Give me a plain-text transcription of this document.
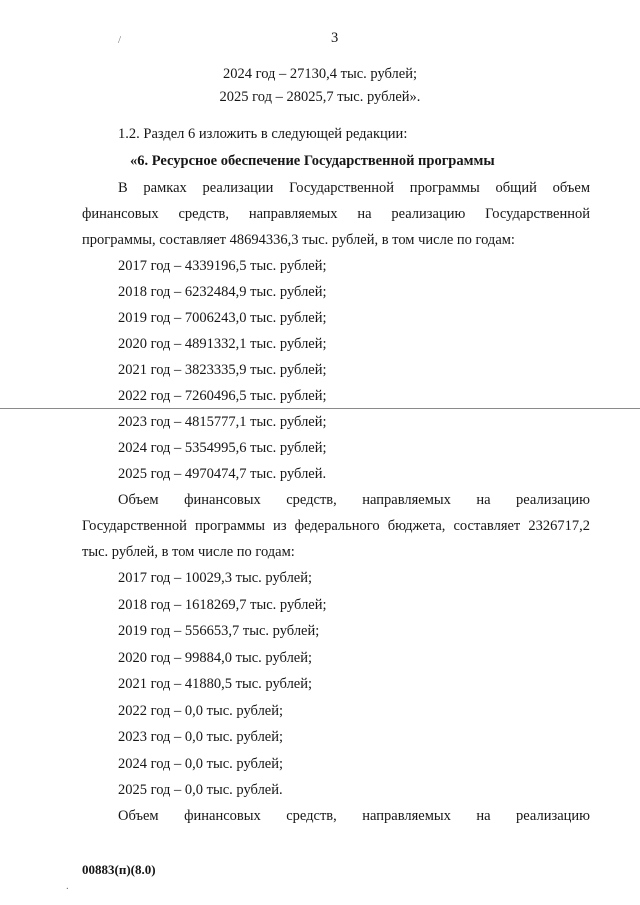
/	3
2024 год – 27130,4 тыс. рублей;
2025 год – 28025,7 тыс. рублей».
1.2. Раздел 6 изложить в следующей редакции:
«6. Ресурсное обеспечение Государственной программы
В рамках реализации Государственной программы общий объем
финансовых средств, направляемых на реализацию Государственной
программы, составляет 48694336,3 тыс. рублей, в том числе по годам:
2017 год – 4339196,5 тыс. рублей;
2018 год – 6232484,9 тыс. рублей;
2019 год – 7006243,0 тыс. рублей;
2020 год – 4891332,1 тыс. рублей;
2021 год – 3823335,9 тыс. рублей;
2022 год – 7260496,5 тыс. рублей;
2023 год – 4815777,1 тыс. рублей;
2024 год – 5354995,6 тыс. рублей;
2025 год – 4970474,7 тыс. рублей.
Объем финансовых средств, направляемых на реализацию
Государственной программы из федерального бюджета, составляет 2326717,2
тыс. рублей, в том числе по годам:
2017 год – 10029,3 тыс. рублей;
2018 год – 1618269,7 тыс. рублей;
2019 год – 556653,7 тыс. рублей;
2020 год – 99884,0 тыс. рублей;
2021 год – 41880,5 тыс. рублей;
2022 год – 0,0 тыс. рублей;
2023 год – 0,0 тыс. рублей;
2024 год – 0,0 тыс. рублей;
2025 год – 0,0 тыс. рублей.
Объем финансовых средств, направляемых на реализацию
00883(п)(8.0)
.
